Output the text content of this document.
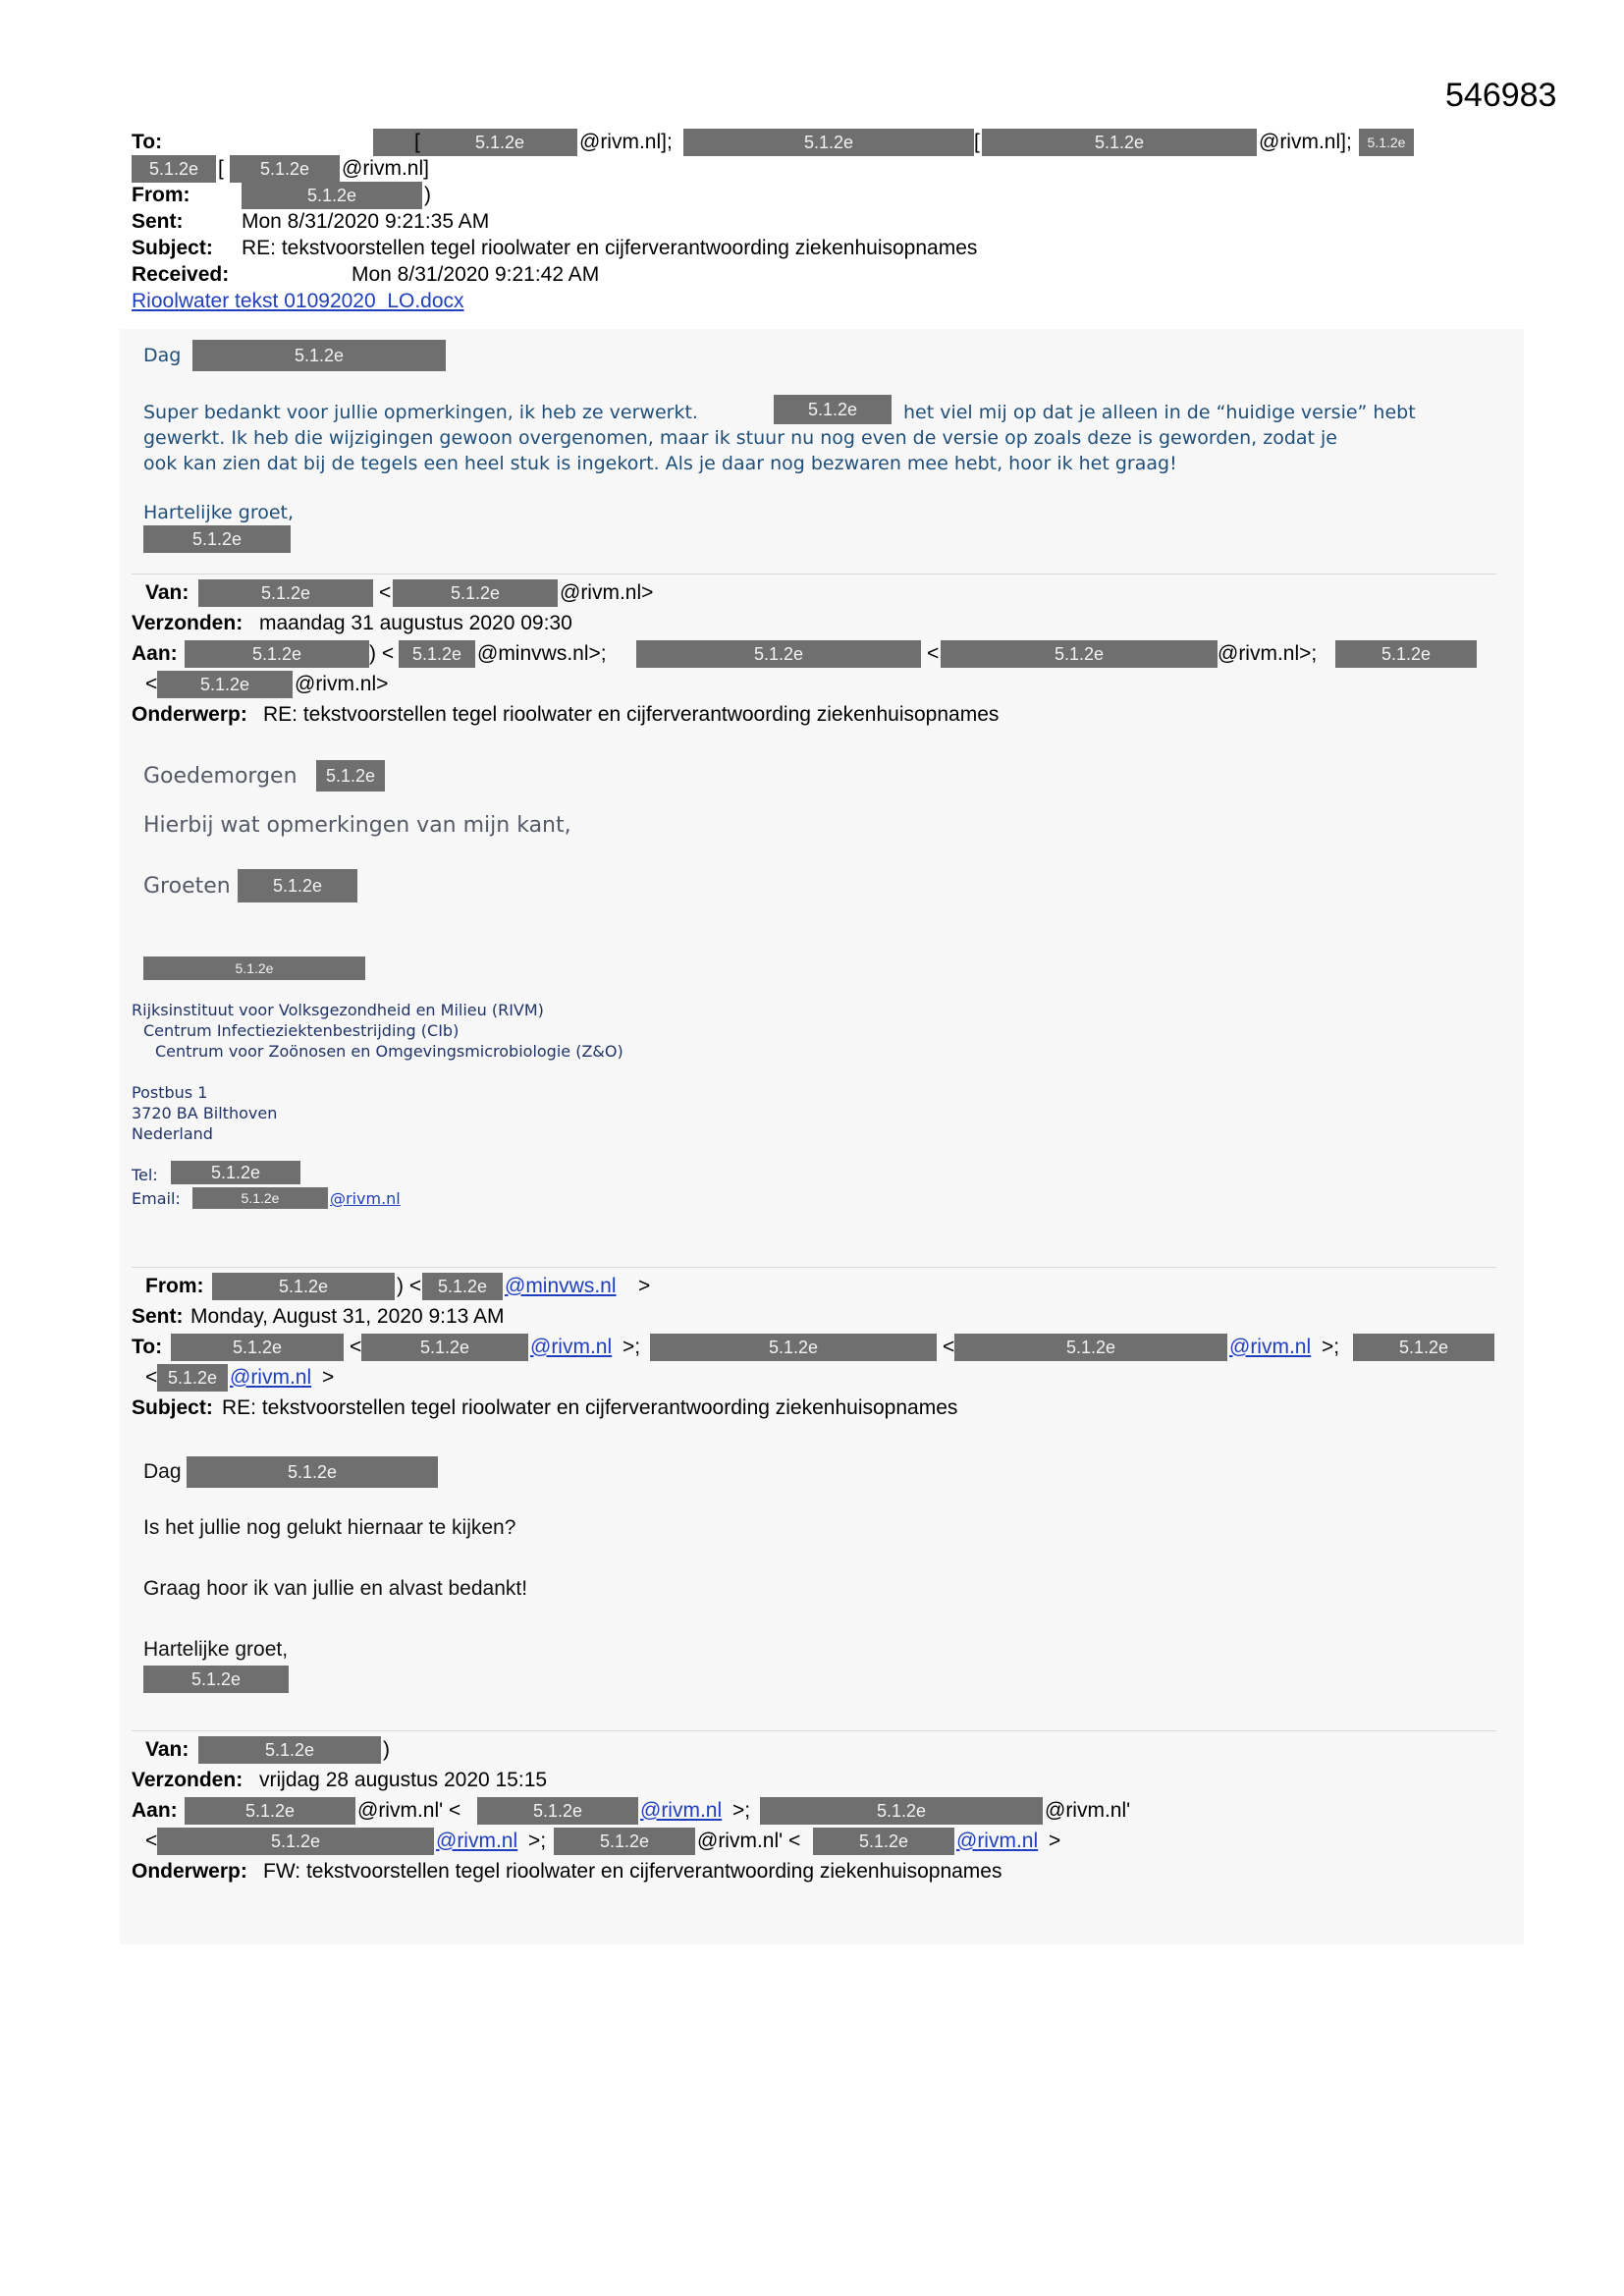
546983
To:	[	5.1.2e	@rivm.nl];	5.1.2e	[	5.1.2e	@rivm.nl];	5.1.2e
5.1.2e [	5.1.2e	@rivm.nl]
From:	5.1.2e	)
Sent:	Mon 8/31/2020 9:21:35 AM
Subject: RE: tekstvoorstellen tegel rioolwater en cijferverantwoording ziekenhuisopnames
Received:	Mon 8/31/2020 9:21:42 AM
Rioolwater tekst 01092020_LO.docx
Dag	5.1.2e
Super bedankt voor jullie opmerkingen, ik heb ze verwerkt.	5.1.2e	het viel mij op dat je alleen in de “huidige versie” hebt
gewerkt. Ik heb die wijzigingen gewoon overgenomen, maar ik stuur nu nog even de versie op zoals deze is geworden, zodat je
ook kan zien dat bij de tegels een heel stuk is ingekort. Als je daar nog bezwaren mee hebt, hoor ik het graag!
Hartelijke groet,
5.1.2e
Van:	5.1.2e	<	5.1.2e	@rivm.nl>
Verzonden: maandag 31 augustus 2020 09:30
Aan:	5.1.2e	) <	5.1.2e @minvws.nl>;	5.1.2e	<	5.1.2e	@rivm.nl>;	5.1.2e
<	5.1.2e	@rivm.nl>
Onderwerp: RE: tekstvoorstellen tegel rioolwater en cijferverantwoording ziekenhuisopnames
Goedemorgen	5.1.2e
Hierbij wat opmerkingen van mijn kant,
Groeten	5.1.2e
5.1.2e
Rijksinstituut voor Volksgezondheid en Milieu (RIVM)
Centrum Infectieziektenbestrijding (CIb)
Centrum voor Zoönosen en Omgevingsmicrobiologie (Z&O)
Postbus 1
3720 BA Bilthoven
Nederland
Tel:	5.1.2e
Email:	5.1.2e	@rivm.nl
From:	5.1.2e	) < 5.1.2e @minvws.nl >
Sent: Monday, August 31, 2020 9:13 AM
To:	5.1.2e	<	5.1.2e	@rivm.nl >;	5.1.2e	<	5.1.2e	@rivm.nl >;	5.1.2e
< 5.1.2e @rivm.nl >
Subject: RE: tekstvoorstellen tegel rioolwater en cijferverantwoording ziekenhuisopnames
Dag	5.1.2e
Is het jullie nog gelukt hiernaar te kijken?
Graag hoor ik van jullie en alvast bedankt!
Hartelijke groet,
5.1.2e
Van:	5.1.2e	)
Verzonden: vrijdag 28 augustus 2020 15:15
Aan:	5.1.2e	@rivm.nl' <	5.1.2e	@rivm.nl >;	5.1.2e	@rivm.nl'
<	5.1.2e	@rivm.nl >;	5.1.2e	@rivm.nl' <	5.1.2e	@rivm.nl >
Onderwerp: FW: tekstvoorstellen tegel rioolwater en cijferverantwoording ziekenhuisopnames
